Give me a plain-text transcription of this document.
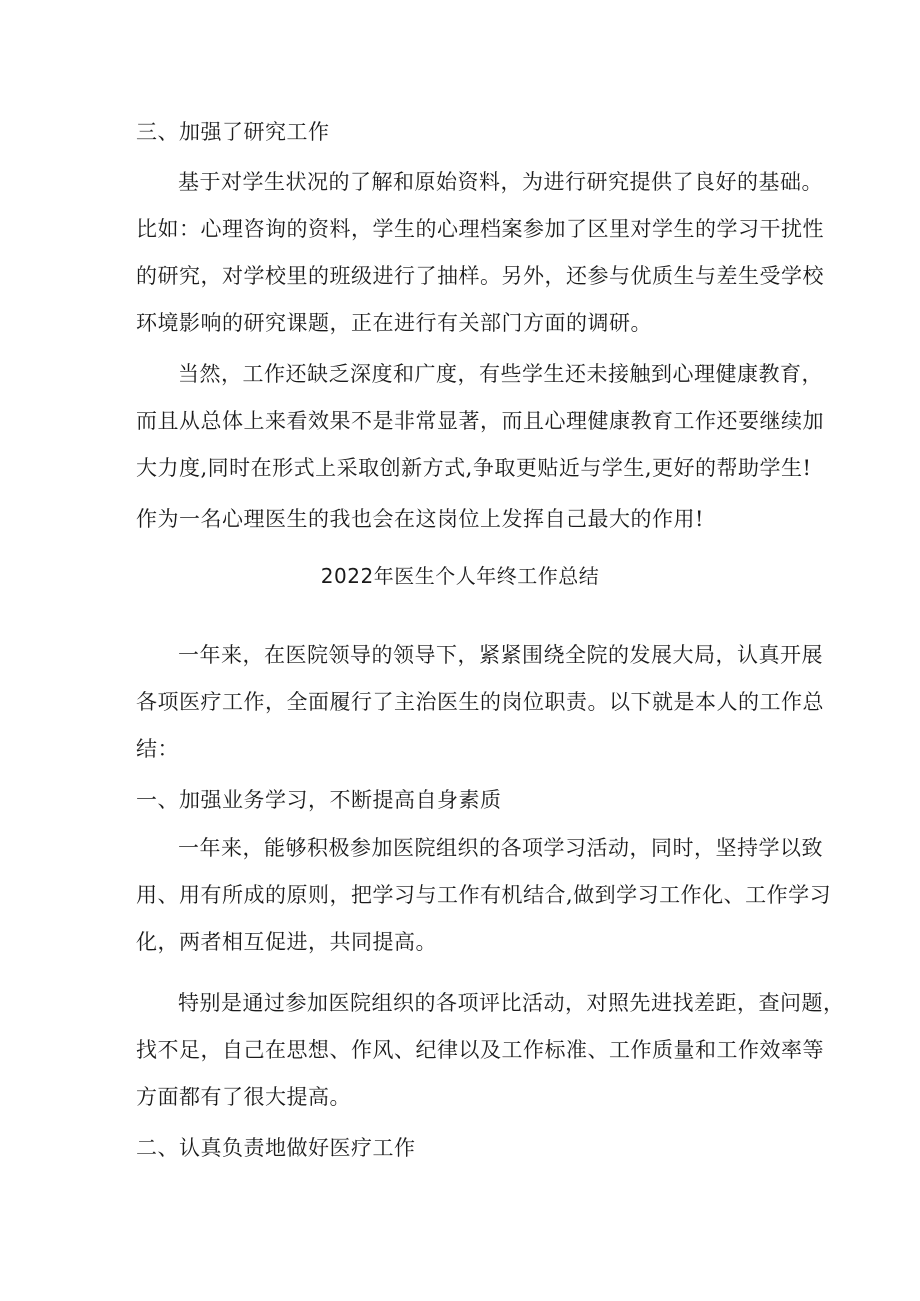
三、加强了研究工作
基于对学生状况的了解和原始资料，为进行研究提供了良好的基础。
比如：心理咨询的资料，学生的心理档案参加了区里对学生的学习干扰性
的研究，对学校里的班级进行了抽样。另外，还参与优质生与差生受学校
环境影响的研究课题，正在进行有关部门方面的调研。
当然，工作还缺乏深度和广度，有些学生还未接触到心理健康教育，
而且从总体上来看效果不是非常显著，而且心理健康教育工作还要继续加
大力度,同时在形式上采取创新方式,争取更贴近与学生,更好的帮助学生!
作为一名心理医生的我也会在这岗位上发挥自己最大的作用!
2022年医生个人年终工作总结
一年来，在医院领导的领导下，紧紧围绕全院的发展大局，认真开展
各项医疗工作，全面履行了主治医生的岗位职责。以下就是本人的工作总
结：
一、加强业务学习，不断提高自身素质
一年来，能够积极参加医院组织的各项学习活动，同时，坚持学以致
用、用有所成的原则，把学习与工作有机结合,做到学习工作化、工作学习
化，两者相互促进，共同提高。
特别是通过参加医院组织的各项评比活动，对照先进找差距，查问题，
找不足，自己在思想、作风、纪律以及工作标准、工作质量和工作效率等
方面都有了很大提高。
二、认真负责地做好医疗工作
